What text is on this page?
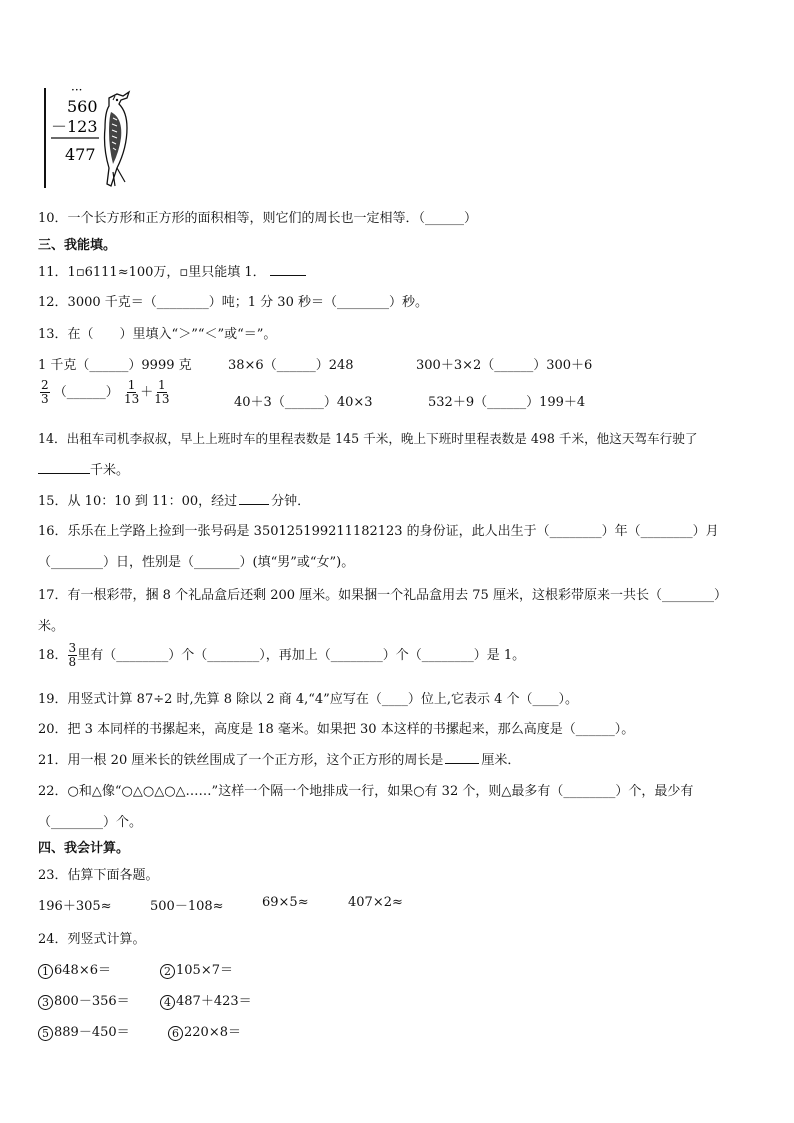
···
560
－123
477
10．一个长方形和正方形的面积相等，则它们的周长也一定相等．（______）
三、我能填。
11．1▫6111≈100万，▫里只能填 1．
12．3000 千克＝（________）吨；1 分 30 秒＝（________）秒。
13．在（　　）里填入“＞”“＜”或“＝”。
1 千克（______）9999 克	38×6（______）248	300＋3×2（______）300＋6
$\frac{2}{3}$ （______） $\frac{1}{13} + \frac{1}{13}$	40＋3（______）40×3	532＋9（______）199＋4
14．出租车司机李叔叔，早上上班时车的里程表数是 145 千米，晚上下班时里程表数是 498 千米，他这天驾车行驶了
千米。
15．从 10：10 到 11：00，经过	分钟．
16．乐乐在上学路上捡到一张号码是 350125199211182123 的身份证，此人出生于（________）年（________）月
（________）日，性别是（_______）(填“男”或“女”)。
17．有一根彩带，捆 8 个礼品盒后还剩 200 厘米。如果捆一个礼品盒用去 75 厘米，这根彩带原来一共长（________）
米。
18． $\frac{3}{8}$ 里有（________）个（________），再加上（________）个（________）是 1。
19．用竖式计算 87÷2 时,先算 8 除以 2 商 4,“4”应写在（____）位上,它表示 4 个（____）。
20．把 3 本同样的书摞起来，高度是 18 毫米。如果把 30 本这样的书摞起来，那么高度是（______）。
21．用一根 20 厘米长的铁丝围成了一个正方形，这个正方形的周长是	厘米．
22．○和△像“○△○△○△……”这样一个隔一个地排成一行，如果○有 32 个，则△最多有（________）个，最少有
（________）个。
四、我会计算。
23．估算下面各题。
196＋305≈	500－108≈	69×5≈	407×2≈
24．列竖式计算。
1 648×6＝	2 105×7＝
3 800－356＝	4 487＋423＝
5 889－450＝	6 220×8＝
